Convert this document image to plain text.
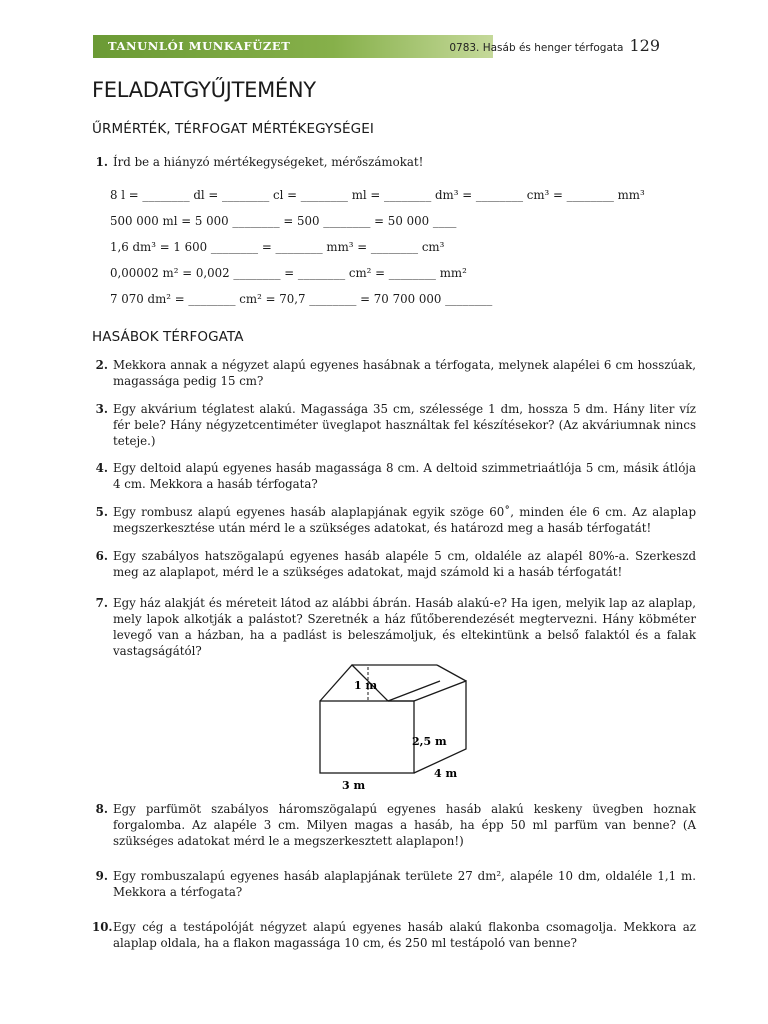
TANUNLÓI MUNKAFÜZET	0783. Hasáb és henger térfogata 129
FELADATGYŰJTEMÉNY
ŰRMÉRTÉK, TÉRFOGAT MÉRTÉKEGYSÉGEI
1. Írd be a hiányzó mértékegységeket, mérőszámokat!
8 l = ________ dl = ________ cl = ________ ml = ________ dm³ = ________ cm³ = ________ mm³
500 000 ml = 5 000 ________ = 500 ________ = 50 000 ____
1,6 dm³ = 1 600 ________ = ________ mm³ = ________ cm³
0,00002 m² = 0,002 ________ = ________ cm² = ________ mm²
7 070 dm² = ________ cm² = 70,7 ________ = 70 700 000 ________
HASÁBOK TÉRFOGATA
2. Mekkora annak a négyzet alapú egyenes hasábnak a térfogata, melynek alapélei 6 cm hosszúak, magassága pedig 15 cm?
3. Egy akvárium téglatest alakú. Magassága 35 cm, szélessége 1 dm, hossza 5 dm. Hány liter víz fér bele? Hány négyzetcentiméter üveglapot használtak fel készítésekor? (Az akváriumnak nincs teteje.)
4. Egy deltoid alapú egyenes hasáb magassága 8 cm. A deltoid szimmetriaátlója 5 cm, másik átlója 4 cm. Mekkora a hasáb térfogata?
5. Egy rombusz alapú egyenes hasáb alaplapjának egyik szöge 60˚, minden éle 6 cm. Az alaplap megszerkesztése után mérd le a szükséges adatokat, és határozd meg a hasáb térfogatát!
6. Egy szabályos hatszögalapú egyenes hasáb alapéle 5 cm, oldaléle az alapél 80%-a. Szerkeszd meg az alaplapot, mérd le a szükséges adatokat, majd számold ki a hasáb térfogatát!
7. Egy ház alakját és méreteit látod az alábbi ábrán. Hasáb alakú-e? Ha igen, melyik lap az alaplap, mely lapok alkotják a palástot? Szeretnék a ház fűtőberendezését megtervezni. Hány köbméter levegő van a házban, ha a padlást is beleszámoljuk, és eltekintünk a belső falaktól és a falak vastagságától?
1 m
2,5 m
4 m
3 m
8. Egy parfümöt szabályos háromszögalapú egyenes hasáb alakú keskeny üvegben hoznak forgalomba. Az alapéle 3 cm. Milyen magas a hasáb, ha épp 50 ml parfüm van benne? (A szükséges adatokat mérd le a megszerkesztett alaplapon!)
9. Egy rombuszalapú egyenes hasáb alaplapjának területe 27 dm², alapéle 10 dm, oldaléle 1,1 m. Mekkora a térfogata?
10. Egy cég a testápolóját négyzet alapú egyenes hasáb alakú flakonba csomagolja. Mekkora az alaplap oldala, ha a flakon magassága 10 cm, és 250 ml testápoló van benne?
